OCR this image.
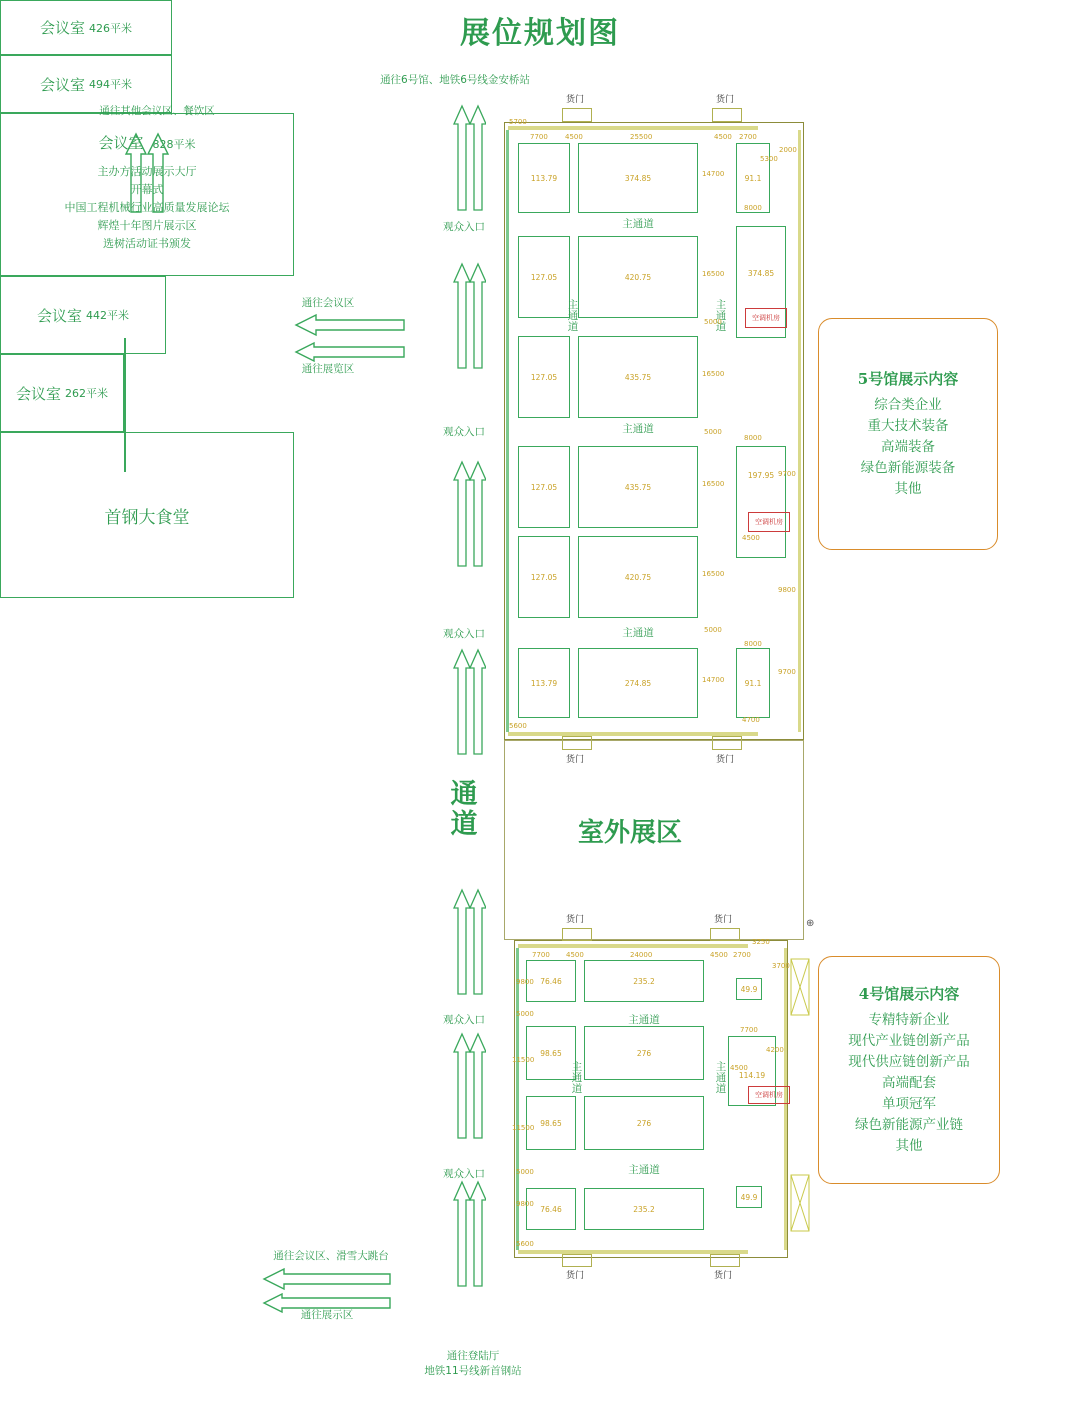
展位规划图
通往6号馆、地铁6号线金安桥站
通往其他会议区、餐饮区
通往会议区
通往展览区
通往会议区、滑雪大跳台
通往展示区
通往登陆厅
地铁11号线新首钢站
会议室 426平米
会议室 494平米
会议室 828平米
主办方活动展示大厅
开幕式
中国工程机械行业高质量发展论坛
辉煌十年图片展示区
选树活动证书颁发
会议室 442平米
会议室 262平米
首钢大食堂
通道
观众入口
观众入口
观众入口
观众入口
观众入口
货门	货门
货门	货门
5700
7700 4500	25500	4500 2700
2000
113.79
127.05
127.05
127.05
127.05
113.79
374.85
420.75
435.75
435.75
420.75
274.85
91.1
374.85
197.95
91.1
空调机房
空调机房
主通道
主通道
主通道
主
通
道
主
通
道
14700
16500
16500
16500
16500
14700
5000
5000
5000
5600
5300
8000
8000
9700
4500
9800
8000
9700
4700
5号馆展示内容
综合类企业
重大技术装备
高端装备
绿色新能源装备
其他
室外展区
货门	货门
货门	货门
7700 4500	24000	4500 2700
3250
76.46
98.65
98.65
76.46
235.2
276
276
235.2
49.9
114.19
49.9
空调机房
主通道
主通道
主
通
道
主
通
道
9800
5000
11500
11500
5000
9800
5600
3700
7700
4200
4500
⊕
4号馆展示内容
专精特新企业
现代产业链创新产品
现代供应链创新产品
高端配套
单项冠军
绿色新能源产业链
其他
